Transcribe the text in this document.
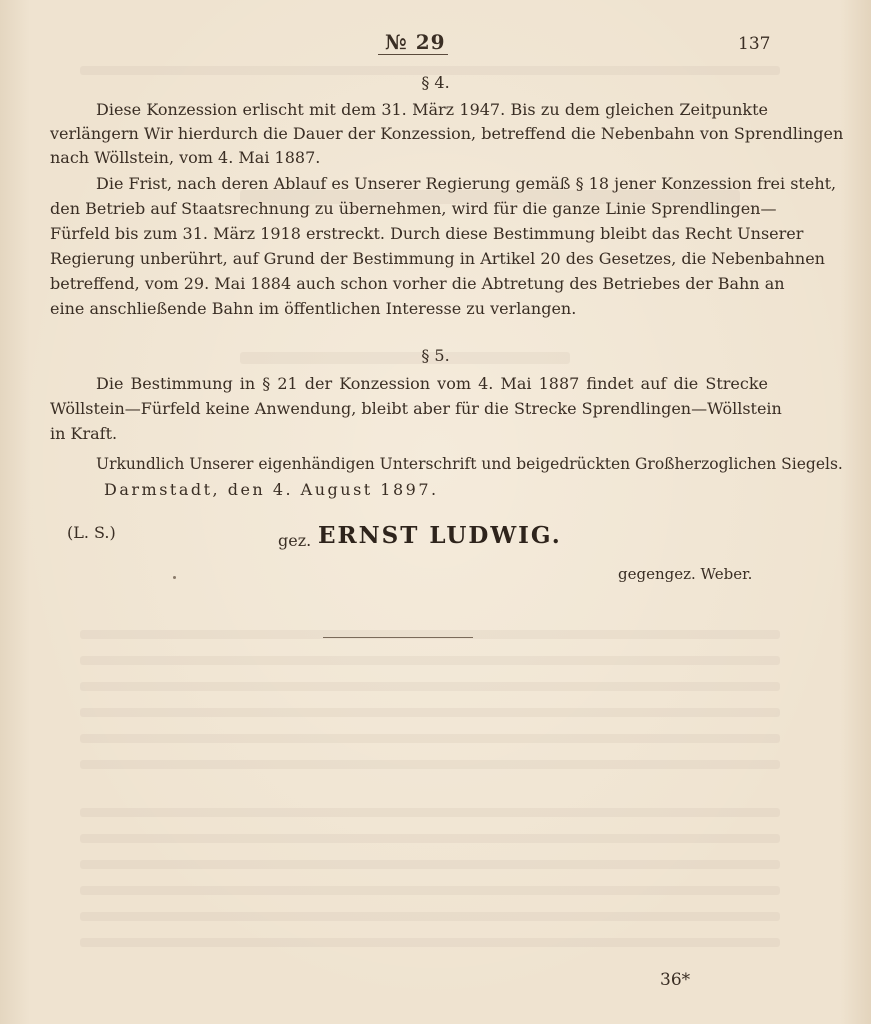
№ 29	137
§ 4.
Diese Konzession erlischt mit dem 31. März 1947. Bis zu dem gleichen Zeitpunkte
verlängern Wir hierdurch die Dauer der Konzession, betreffend die Nebenbahn von Sprendlingen
nach Wöllstein, vom 4. Mai 1887.
Die Frist, nach deren Ablauf es Unserer Regierung gemäß § 18 jener Konzession frei steht,
den Betrieb auf Staatsrechnung zu übernehmen, wird für die ganze Linie Sprendlingen—
Fürfeld bis zum 31. März 1918 erstreckt. Durch diese Bestimmung bleibt das Recht Unserer
Regierung unberührt, auf Grund der Bestimmung in Artikel 20 des Gesetzes, die Nebenbahnen
betreffend, vom 29. Mai 1884 auch schon vorher die Abtretung des Betriebes der Bahn an
eine anschließende Bahn im öffentlichen Interesse zu verlangen.
§ 5.
Die Bestimmung in § 21 der Konzession vom 4. Mai 1887 findet auf die Strecke
Wöllstein—Fürfeld keine Anwendung, bleibt aber für die Strecke Sprendlingen—Wöllstein
in Kraft.
Urkundlich Unserer eigenhändigen Unterschrift und beigedrückten Großherzoglichen Siegels.
Darmstadt, den 4. August 1897.
(L. S.)	gez. ERNST LUDWIG.
gegengez. Weber.
36*
